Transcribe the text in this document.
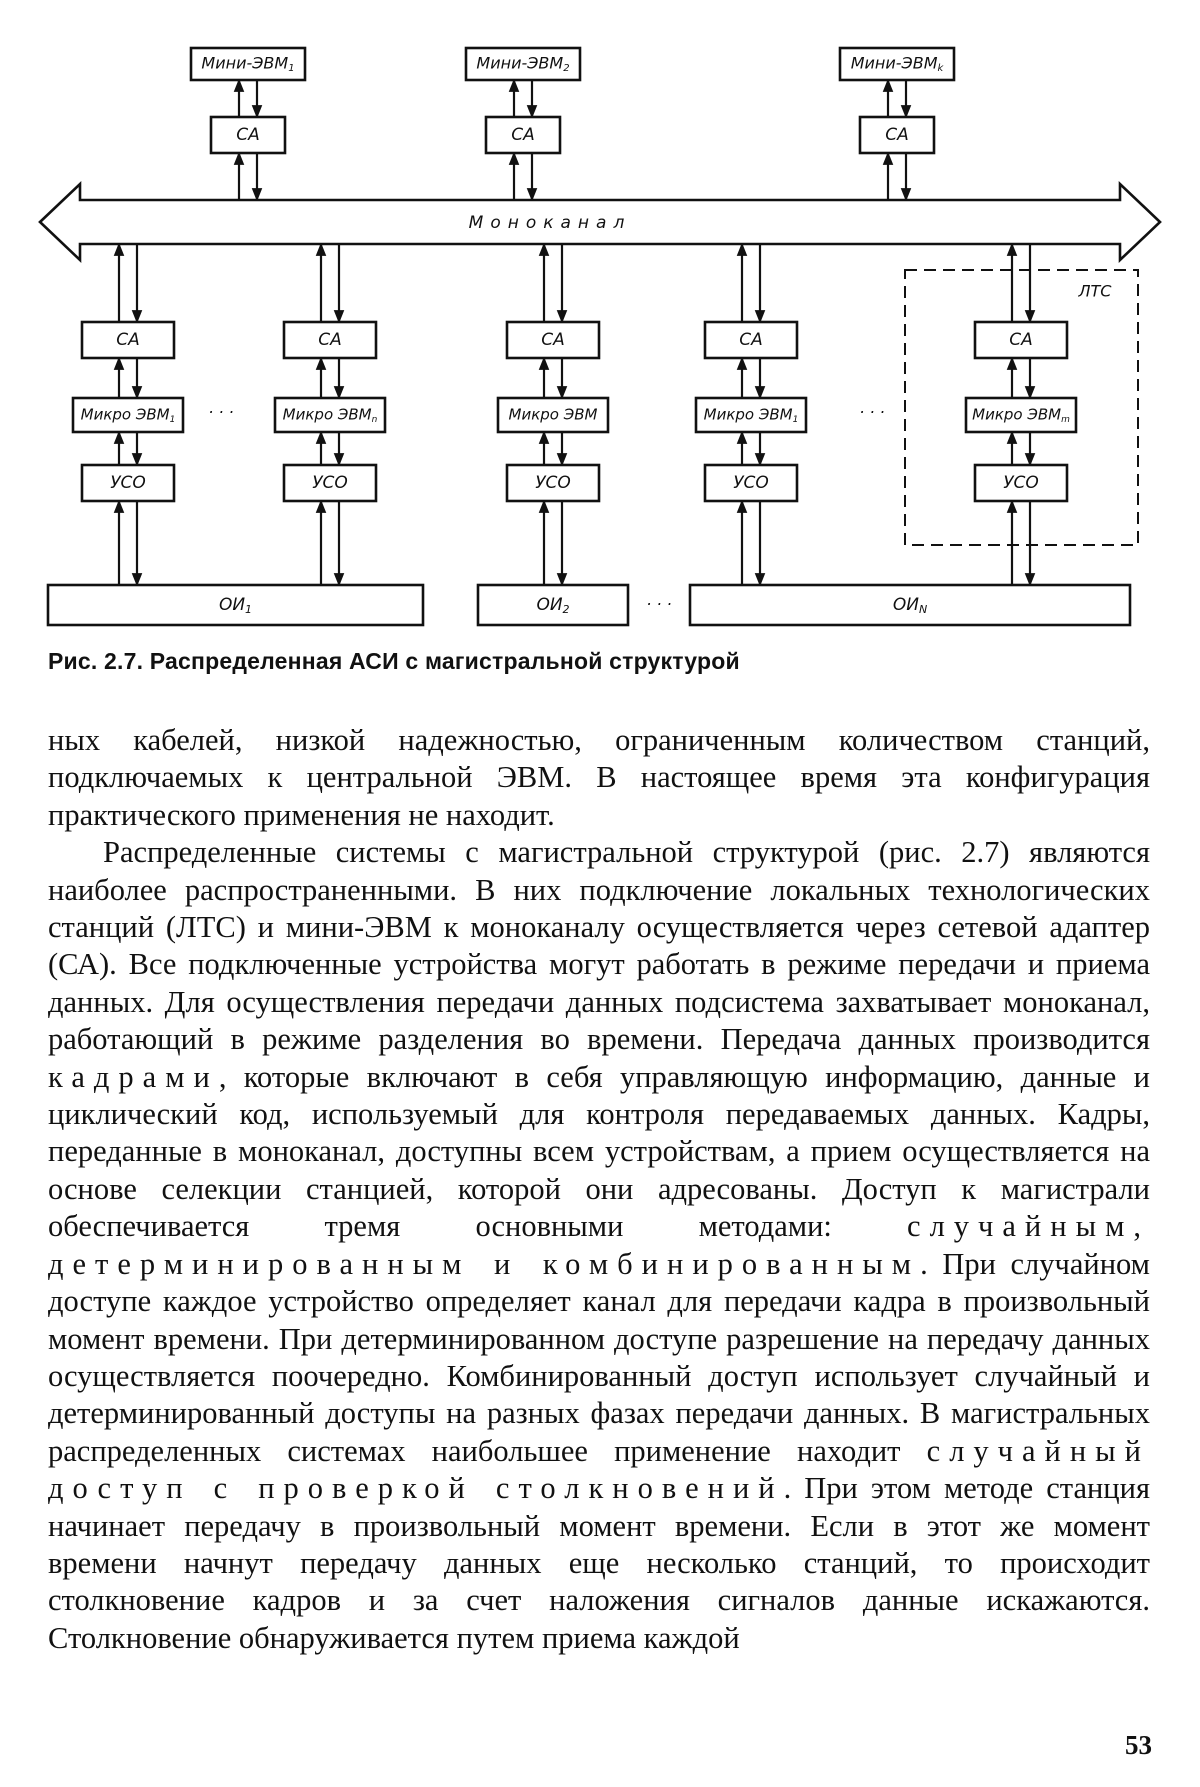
Мини-$ЭВМ_1$
СА
Мини-$ЭВМ_2$
СА
Мини-$ЭВМ_k$
СА
Моноканал
ЛТС
СА
Микро $ЭВМ_1$
УСО
СА
Микро $ЭВМ_n$
УСО
СА
Микро ЭВМ
УСО
СА
Микро $ЭВМ_1$
УСО
СА
Микро $ЭВМ_m$
УСО
$ОИ_1$	$ОИ_2$	$ОИ_N$
· · ·	· · ·
· · ·
Рис. 2.7. Распределенная АСИ с магистральной структурой

ных кабелей, низкой надежностью, ограниченным количеством станций, подключаемых к центральной ЭВМ. В настоящее время эта конфигурация практического применения не находит.

Распределенные системы с магистральной структурой (рис. 2.7) являются наиболее распространенными. В них подключение локальных технологических станций (ЛТС) и мини-ЭВМ к моноканалу осуществляется через сетевой адаптер (СА). Все подключенные устройства могут работать в режиме передачи и приема данных. Для осуществления передачи данных подсистема захватывает моноканал, работающий в режиме разделения во времени. Передача данных производится кадрами, которые включают в себя управляющую информацию, данные и циклический код, используемый для контроля передаваемых данных. Кадры, переданные в моноканал, доступны всем устройствам, а прием осуществляется на основе селекции станцией, которой они адресованы. Доступ к магистрали обеспечивается тремя основными методами: случайным, детерминированным и комбинированным. При случайном доступе каждое устройство определяет канал для передачи кадра в произвольный момент времени. При детерминированном доступе разрешение на передачу данных осуществляется поочередно. Комбинированный доступ использует случайный и детерминированный доступы на разных фазах передачи данных. В магистральных распределенных системах наибольшее применение находит случайный доступ с проверкой столкновений. При этом методе станция начинает передачу в произвольный момент времени. Если в этот же момент времени начнут передачу данных еще несколько станций, то происходит столкновение кадров и за счет наложения сигналов данные искажаются. Столкновение обнаруживается путем приема каждой

53
